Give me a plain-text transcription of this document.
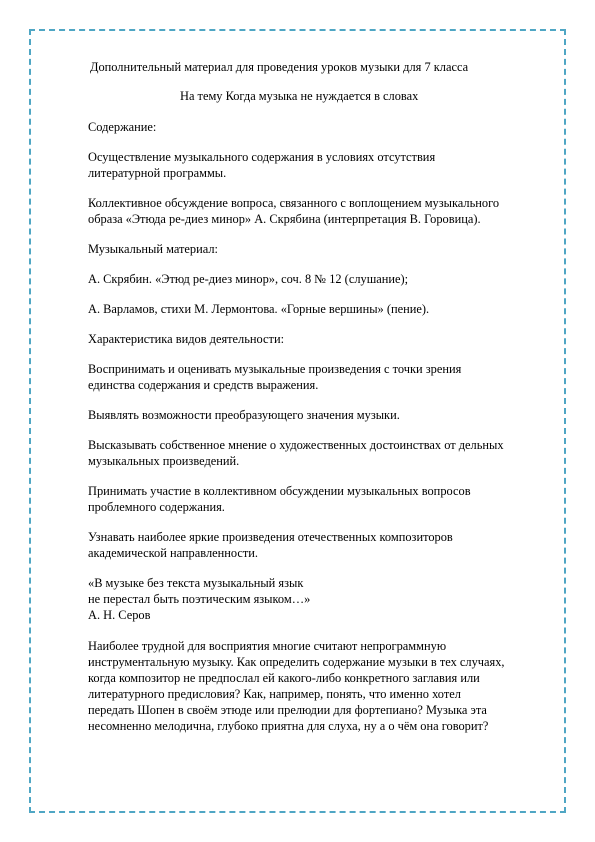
Дополнительный материал для проведения уроков музыки для 7 класса
На тему Когда музыка не нуждается в словах
Содержание:
Осуществление музыкального содержания в условиях отсутствия
литературной программы.
Коллективное обсуждение вопроса, связанного с воплощением музыкального
образа «Этюда ре-диез минор» А. Скрябина (интерпретация В. Горовица).
Музыкальный материал:
А. Скрябин. «Этюд ре-диез минор», соч. 8 № 12 (слушание);
А. Варламов, стихи М. Лермонтова. «Горные вершины» (пение).
Характеристика видов деятельности:
Воспринимать и оценивать музыкальные произведения с точки зрения
единства содержания и средств выражения.
Выявлять возможности преобразующего значения музыки.
Высказывать собственное мнение о художественных достоинствах от дельных
музыкальных произведений.
Принимать участие в коллективном обсуждении музыкальных вопросов
проблемного содержания.
Узнавать наиболее яркие произведения отечественных композиторов
академической направленности.
«В музыке без текста музыкальный язык
не перестал быть поэтическим языком…»
А. Н. Серов
Наиболее трудной для восприятия многие считают непрограммную
инструментальную музыку. Как определить содержание музыки в тех случаях,
когда композитор не предпослал ей какого-либо конкретного заглавия или
литературного предисловия? Как, например, понять, что именно хотел
передать Шопен в своём этюде или прелюдии для фортепиано? Музыка эта
несомненно мелодична, глубоко приятна для слуха, ну а о чём она говорит?
